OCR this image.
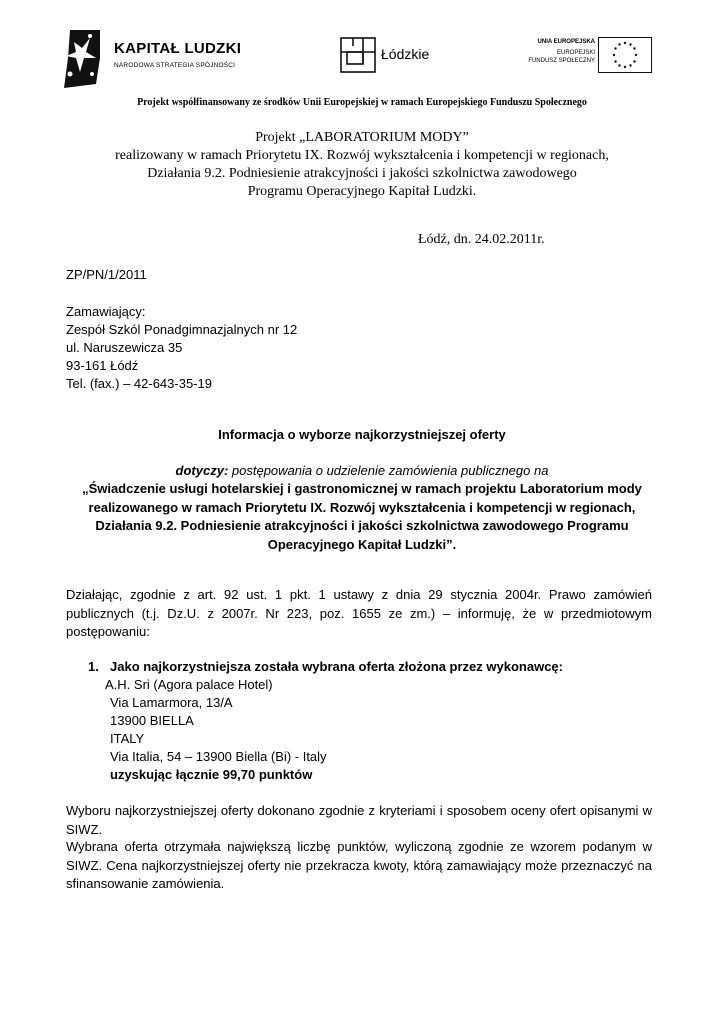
KAPITAŁ LUDZKI
NARODOWA STRATEGIA SPÓJNOŚCI
Łódzkie
UNIA EUROPEJSKA
EUROPEJSKI
FUNDUSZ SPOŁECZNY
Projekt współfinansowany ze środków Unii Europejskiej w ramach Europejskiego Funduszu Społecznego
Projekt „LABORATORIUM MODY”
realizowany w ramach Priorytetu IX. Rozwój wykształcenia i kompetencji w regionach,
Działania 9.2. Podniesienie atrakcyjności i jakości szkolnictwa zawodowego
Programu Operacyjnego Kapitał Ludzki.
Łódź, dn. 24.02.2011r.
ZP/PN/1/2011
Zamawiający:
Zespół Szkól Ponadgimnazjalnych nr 12
ul. Naruszewicza 35
93-161 Łódź
Tel. (fax.) – 42-643-35-19
Informacja o wyborze najkorzystniejszej oferty
dotyczy: postępowania o udzielenie zamówienia publicznego na
„Świadczenie usługi hotelarskiej i gastronomicznej w ramach projektu Laboratorium mody
realizowanego w ramach Priorytetu IX. Rozwój wykształcenia i kompetencji w regionach,
Działania 9.2. Podniesienie atrakcyjności i jakości szkolnictwa zawodowego Programu
Operacyjnego Kapitał Ludzki”.
Działając, zgodnie z art. 92 ust. 1 pkt. 1 ustawy z dnia 29 stycznia 2004r. Prawo zamówień publicznych (t.j. Dz.U. z 2007r. Nr 223, poz. 1655 ze zm.) – informuję, że w przedmiotowym postępowaniu:
1. Jako najkorzystniejsza została wybrana oferta złożona przez wykonawcę:
A.H. Sri (Agora palace Hotel)
Via Lamarmora, 13/A
13900 BIELLA
ITALY
Via Italia, 54 – 13900 Biella (Bi) - Italy
uzyskując łącznie 99,70 punktów
Wyboru najkorzystniejszej oferty dokonano zgodnie z kryteriami i sposobem oceny ofert opisanymi w SIWZ.
Wybrana oferta otrzymała największą liczbę punktów, wyliczoną zgodnie ze wzorem podanym w SIWZ. Cena najkorzystniejszej oferty nie przekracza kwoty, którą zamawiający może przeznaczyć na sfinansowanie zamówienia.
